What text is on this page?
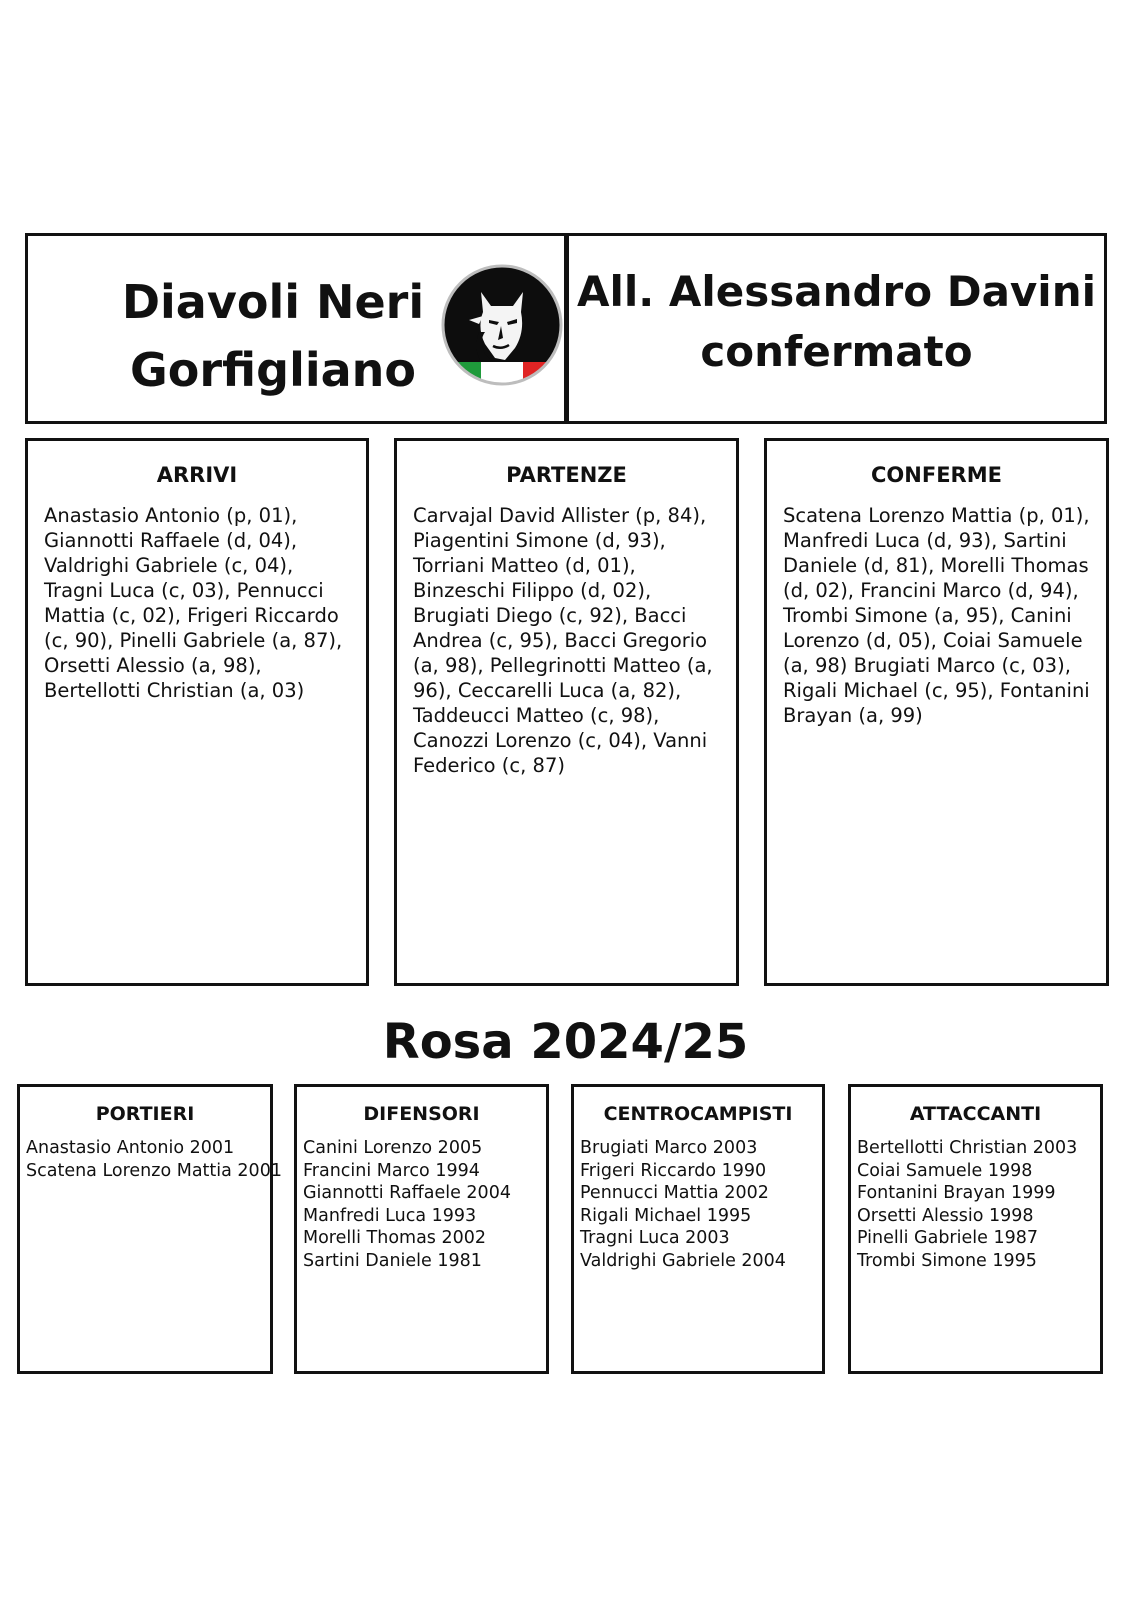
Diavoli Neri
Gorfigliano
All. Alessandro Davini
confermato
ARRIVI
Anastasio Antonio (p, 01), Giannotti Raffaele (d, 04), Valdrighi Gabriele (c, 04), Tragni Luca (c, 03), Pennucci Mattia (c, 02), Frigeri Riccardo (c, 90), Pinelli Gabriele (a, 87), Orsetti Alessio (a, 98), Bertellotti Christian (a, 03)
PARTENZE
Carvajal David Allister (p, 84), Piagentini Simone (d, 93), Torriani Matteo (d, 01), Binzeschi Filippo (d, 02), Brugiati Diego (c, 92), Bacci Andrea (c, 95), Bacci Gregorio (a, 98), Pellegrinotti Matteo (a, 96), Ceccarelli Luca (a, 82), Taddeucci Matteo (c, 98), Canozzi Lorenzo (c, 04), Vanni Federico (c, 87)
CONFERME
Scatena Lorenzo Mattia (p, 01), Manfredi Luca (d, 93), Sartini Daniele (d, 81), Morelli Thomas (d, 02), Francini Marco (d, 94), Trombi Simone (a, 95), Canini Lorenzo (d, 05), Coiai Samuele (a, 98) Brugiati Marco (c, 03), Rigali Michael (c, 95), Fontanini Brayan (a, 99)
Rosa 2024/25
PORTIERI
Anastasio Antonio 2001
Scatena Lorenzo Mattia 2001
DIFENSORI
Canini Lorenzo 2005
Francini Marco 1994
Giannotti Raffaele 2004
Manfredi Luca 1993
Morelli Thomas 2002
Sartini Daniele 1981
CENTROCAMPISTI
Brugiati Marco 2003
Frigeri Riccardo 1990
Pennucci Mattia 2002
Rigali Michael 1995
Tragni Luca 2003
Valdrighi Gabriele 2004
ATTACCANTI
Bertellotti Christian 2003
Coiai Samuele 1998
Fontanini Brayan 1999
Orsetti Alessio 1998
Pinelli Gabriele 1987
Trombi Simone 1995
